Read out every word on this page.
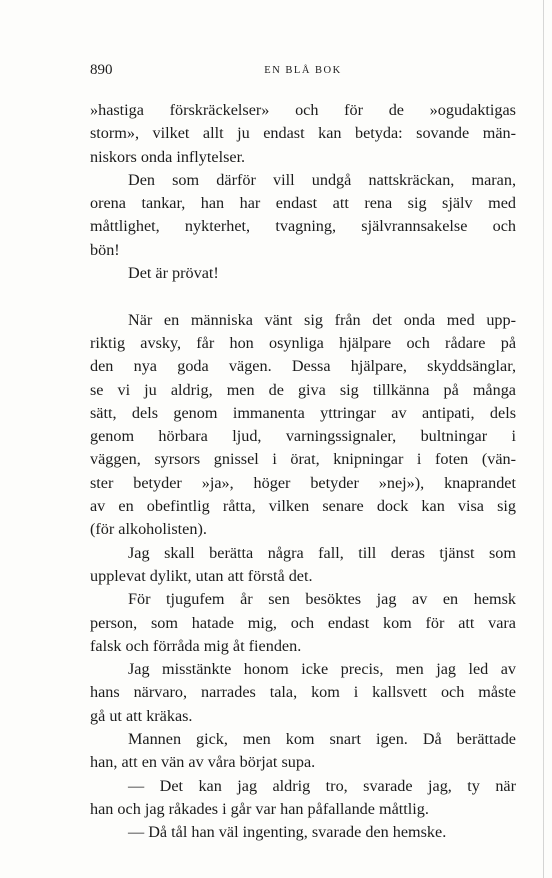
890	EN BLÅ BOK
»hastiga förskräckelser» och för de »ogudaktigas
storm», vilket allt ju endast kan betyda: sovande män-
niskors onda inflytelser.
Den som därför vill undgå nattskräckan, maran,
orena tankar, han har endast att rena sig själv med
måttlighet, nykterhet, tvagning, självrannsakelse och
bön!
Det är prövat!
När en människa vänt sig från det onda med upp-
riktig avsky, får hon osynliga hjälpare och rådare på
den nya goda vägen. Dessa hjälpare, skyddsänglar,
se vi ju aldrig, men de giva sig tillkänna på många
sätt, dels genom immanenta yttringar av antipati, dels
genom hörbara ljud, varningssignaler, bultningar i
väggen, syrsors gnissel i örat, knipningar i foten (vän-
ster betyder »ja», höger betyder »nej»), knaprandet
av en obefintlig råtta, vilken senare dock kan visa sig
(för alkoholisten).
Jag skall berätta några fall, till deras tjänst som
upplevat dylikt, utan att förstå det.
För tjugufem år sen besöktes jag av en hemsk
person, som hatade mig, och endast kom för att vara
falsk och förråda mig åt fienden.
Jag misstänkte honom icke precis, men jag led av
hans närvaro, narrades tala, kom i kallsvett och måste
gå ut att kräkas.
Mannen gick, men kom snart igen. Då berättade
han, att en vän av våra börjat supa.
— Det kan jag aldrig tro, svarade jag, ty när
han och jag råkades i går var han påfallande måttlig.
— Då tål han väl ingenting, svarade den hemske.
